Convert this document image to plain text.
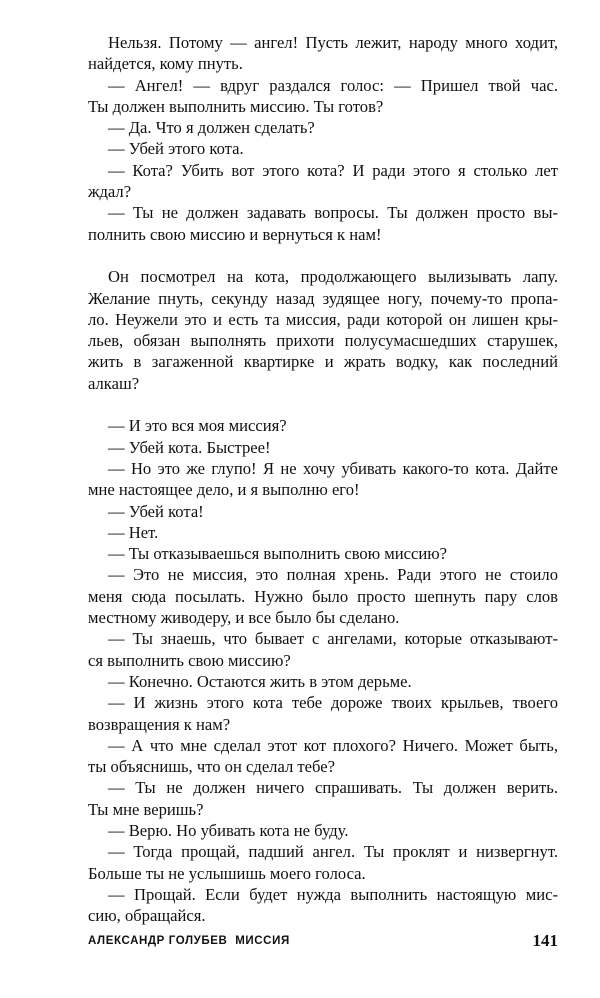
Нельзя. Потому — ангел! Пусть лежит, народу много ходит,
найдется, кому пнуть.
— Ангел! — вдруг раздался голос: — Пришел твой час.
Ты должен выполнить миссию. Ты готов?
— Да. Что я должен сделать?
— Убей этого кота.
— Кота? Убить вот этого кота? И ради этого я столько лет
ждал?
— Ты не должен задавать вопросы. Ты должен просто вы-
полнить свою миссию и вернуться к нам!
Он посмотрел на кота, продолжающего вылизывать лапу.
Желание пнуть, секунду назад зудящее ногу, почему-то пропа-
ло. Неужели это и есть та миссия, ради которой он лишен кры-
льев, обязан выполнять прихоти полусумасшедших старушек,
жить в загаженной квартирке и жрать водку, как последний
алкаш?
— И это вся моя миссия?
— Убей кота. Быстрее!
— Но это же глупо! Я не хочу убивать какого-то кота. Дайте
мне настоящее дело, и я выполню его!
— Убей кота!
— Нет.
— Ты отказываешься выполнить свою миссию?
— Это не миссия, это полная хрень. Ради этого не стоило
меня сюда посылать. Нужно было просто шепнуть пару слов
местному живодеру, и все было бы сделано.
— Ты знаешь, что бывает с ангелами, которые отказывают-
ся выполнить свою миссию?
— Конечно. Остаются жить в этом дерьме.
— И жизнь этого кота тебе дороже твоих крыльев, твоего
возвращения к нам?
— А что мне сделал этот кот плохого? Ничего. Может быть,
ты объяснишь, что он сделал тебе?
— Ты не должен ничего спрашивать. Ты должен верить.
Ты мне веришь?
— Верю. Но убивать кота не буду.
— Тогда прощай, падший ангел. Ты проклят и низвергнут.
Больше ты не услышишь моего голоса.
— Прощай. Если будет нужда выполнить настоящую мис-
сию, обращайся.
АЛЕКСАНДР ГОЛУБЕВ МИССИЯ	141
